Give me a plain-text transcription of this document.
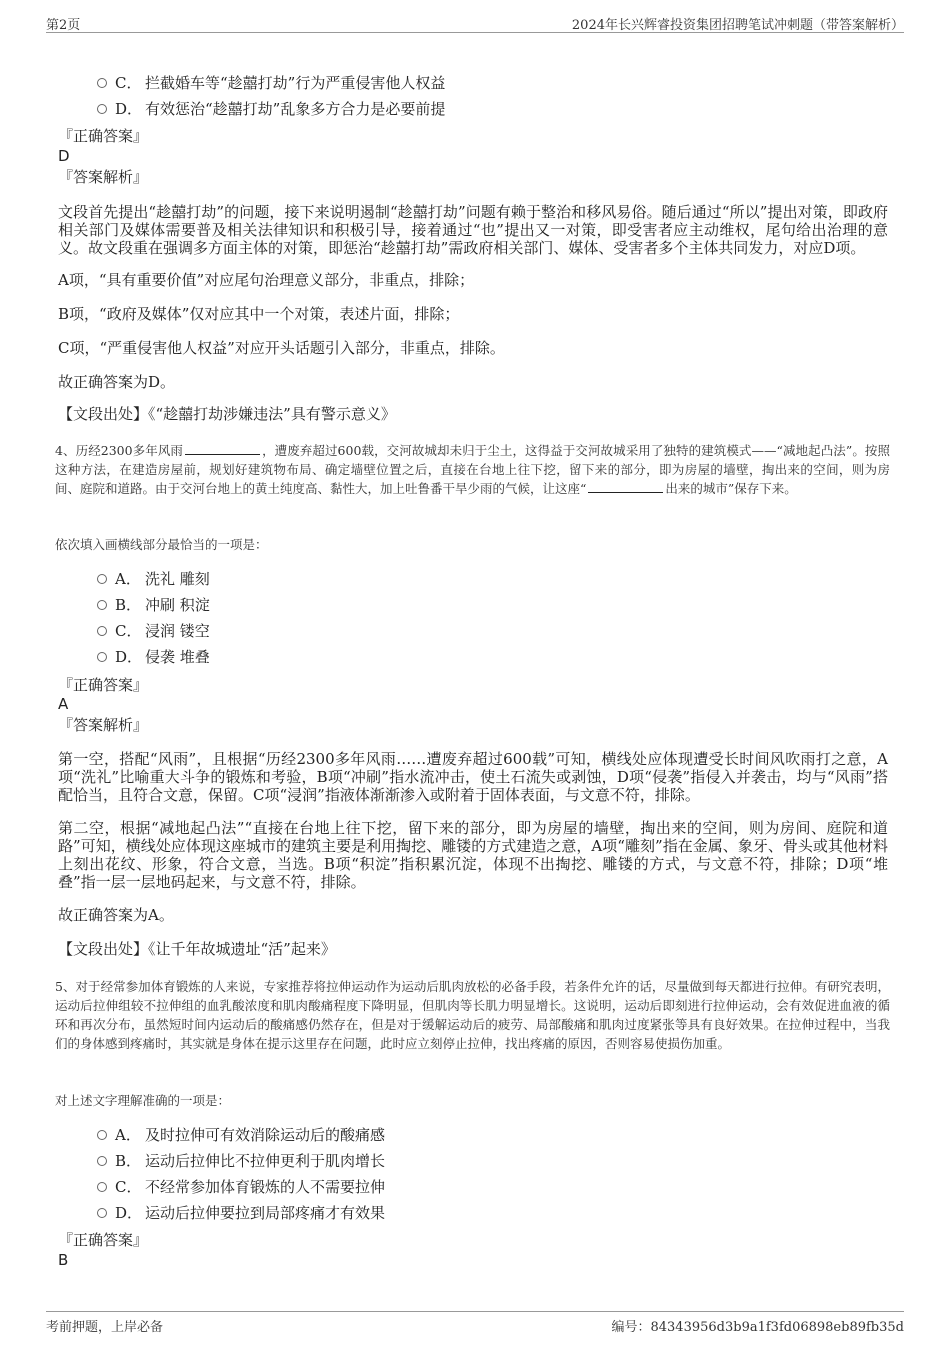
第2页	2024年长兴辉睿投资集团招聘笔试冲刺题（带答案解析）
C． 拦截婚车等“趁囍打劫”行为严重侵害他人权益
D． 有效惩治“趁囍打劫”乱象多方合力是必要前提
『正确答案』
D
『答案解析』
文段首先提出“趁囍打劫”的问题，接下来说明遏制“趁囍打劫”问题有赖于整治和移风易俗。随后通过“所以”提出对策，即政府相关部门及媒体需要普及相关法律知识和积极引导，接着通过“也”提出又一对策，即受害者应主动维权，尾句给出治理的意义。故文段重在强调多方面主体的对策，即惩治“趁囍打劫”需政府相关部门、媒体、受害者多个主体共同发力，对应D项。
A项，“具有重要价值”对应尾句治理意义部分，非重点，排除；
B项，“政府及媒体”仅对应其中一个对策，表述片面，排除；
C项，“严重侵害他人权益”对应开头话题引入部分，非重点，排除。
故正确答案为D。
【文段出处】《“趁囍打劫涉嫌违法”具有警示意义》
4、历经2300多年风雨	，遭废弃超过600载，交河故城却未归于尘土，这得益于交河故城采用了独特的建筑模式——“减地起凸法”。按照这种方法，在建造房屋前，规划好建筑物布局、确定墙壁位置之后，直接在台地上往下挖，留下来的部分，即为房屋的墙壁，掏出来的空间，则为房间、庭院和道路。由于交河台地上的黄土纯度高、黏性大，加上吐鲁番干旱少雨的气候，让这座“	出来的城市”保存下来。
依次填入画横线部分最恰当的一项是：
A． 洗礼 雕刻
B． 冲刷 积淀
C． 浸润 镂空
D． 侵袭 堆叠
『正确答案』
A
『答案解析』
第一空，搭配“风雨”，且根据“历经2300多年风雨……遭废弃超过600载”可知，横线处应体现遭受长时间风吹雨打之意，A项“洗礼”比喻重大斗争的锻炼和考验，B项“冲刷”指水流冲击，使土石流失或剥蚀，D项“侵袭”指侵入并袭击，均与“风雨”搭配恰当，且符合文意，保留。C项“浸润”指液体渐渐渗入或附着于固体表面，与文意不符，排除。
第二空，根据“减地起凸法”“直接在台地上往下挖，留下来的部分，即为房屋的墙壁，掏出来的空间，则为房间、庭院和道路”可知，横线处应体现这座城市的建筑主要是利用掏挖、雕镂的方式建造之意，A项“雕刻”指在金属、象牙、骨头或其他材料上刻出花纹、形象，符合文意，当选。B项“积淀”指积累沉淀，体现不出掏挖、雕镂的方式，与文意不符，排除；D项“堆叠”指一层一层地码起来，与文意不符，排除。
故正确答案为A。
【文段出处】《让千年故城遗址“活”起来》
5、对于经常参加体育锻炼的人来说，专家推荐将拉伸运动作为运动后肌肉放松的必备手段，若条件允许的话，尽量做到每天都进行拉伸。有研究表明，运动后拉伸组较不拉伸组的血乳酸浓度和肌肉酸痛程度下降明显，但肌肉等长肌力明显增长。这说明，运动后即刻进行拉伸运动，会有效促进血液的循环和再次分布，虽然短时间内运动后的酸痛感仍然存在，但是对于缓解运动后的疲劳、局部酸痛和肌肉过度紧张等具有良好效果。在拉伸过程中，当我们的身体感到疼痛时，其实就是身体在提示这里存在问题，此时应立刻停止拉伸，找出疼痛的原因，否则容易使损伤加重。
对上述文字理解准确的一项是：
A． 及时拉伸可有效消除运动后的酸痛感
B． 运动后拉伸比不拉伸更利于肌肉增长
C． 不经常参加体育锻炼的人不需要拉伸
D． 运动后拉伸要拉到局部疼痛才有效果
『正确答案』
B
考前押题，上岸必备	编号：84343956d3b9a1f3fd06898eb89fb35d
